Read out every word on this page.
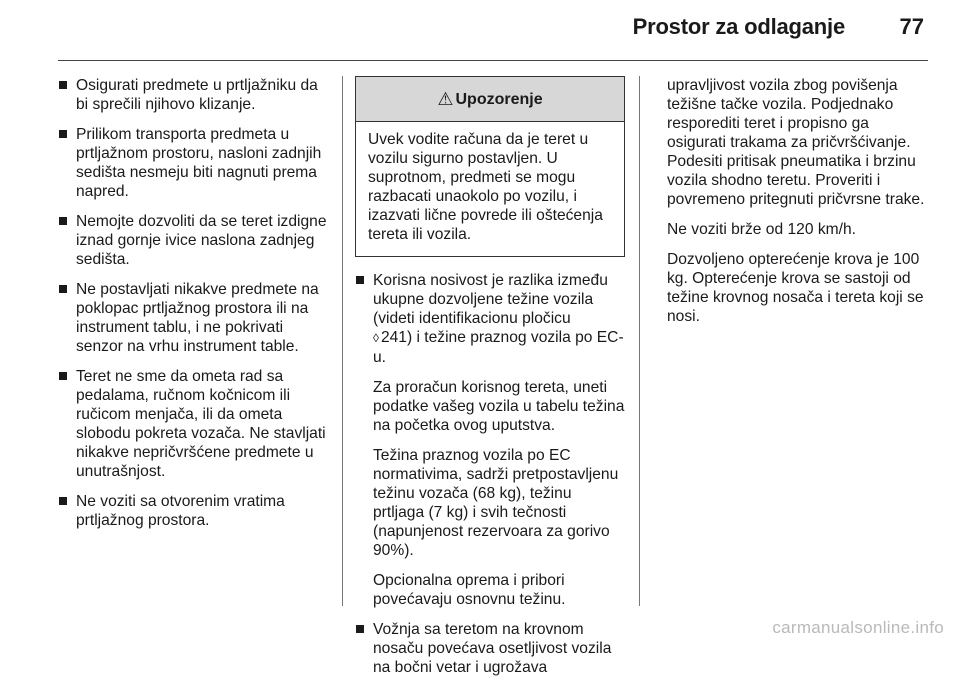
Prostor za odlaganje 77
Osigurati predmete u prtljažniku da bi sprečili njihovo klizanje.
Prilikom transporta predmeta u prtljažnom prostoru, nasloni zadnjih sedišta nesmeju biti nagnuti prema napred.
Nemojte dozvoliti da se teret izdigne iznad gornje ivice naslona zadnjeg sedišta.
Ne postavljati nikakve predmete na poklopac prtljažnog prostora ili na instrument tablu, i ne pokrivati senzor na vrhu instrument table.
Teret ne sme da ometa rad sa pedalama, ručnom kočnicom ili ručicom menjača, ili da ometa slobodu pokreta vozača. Ne stavljati nikakve nepričvršćene predmete u unutrašnjost.
Ne voziti sa otvorenim vratima prtljažnog prostora.
⚠ Upozorenje
Uvek vodite računa da je teret u vozilu sigurno postavljen. U suprotnom, predmeti se mogu razbacati unaokolo po vozilu, i izazvati lične povrede ili oštećenja tereta ili vozila.
Korisna nosivost je razlika između ukupne dozvoljene težine vozila (videti identifikacionu pločicu
◊ 241) i težine praznog vozila po EC-u.
Za proračun korisnog tereta, uneti podatke vašeg vozila u tabelu težina na početka ovog uputstva.
Težina praznog vozila po EC normativima, sadrži pretpostavljenu težinu vozača (68 kg), težinu prtljaga (7 kg) i svih tečnosti (napunjenost rezervoara za gorivo 90%).
Opcionalna oprema i pribori povećavaju osnovnu težinu.
Vožnja sa teretom na krovnom nosaču povećava osetljivost vozila na bočni vetar i ugrožava
upravljivost vozila zbog povišenja težišne tačke vozila. Podjednako resporediti teret i propisno ga osigurati trakama za pričvršćivanje. Podesiti pritisak pneumatika i brzinu vozila shodno teretu. Proveriti i povremeno pritegnuti pričvrsne trake.
Ne voziti brže od 120 km/h.
Dozvoljeno opterećenje krova je 100 kg. Opterećenje krova se sastoji od težine krovnog nosača i tereta koji se nosi.
carmanualsonline.info
